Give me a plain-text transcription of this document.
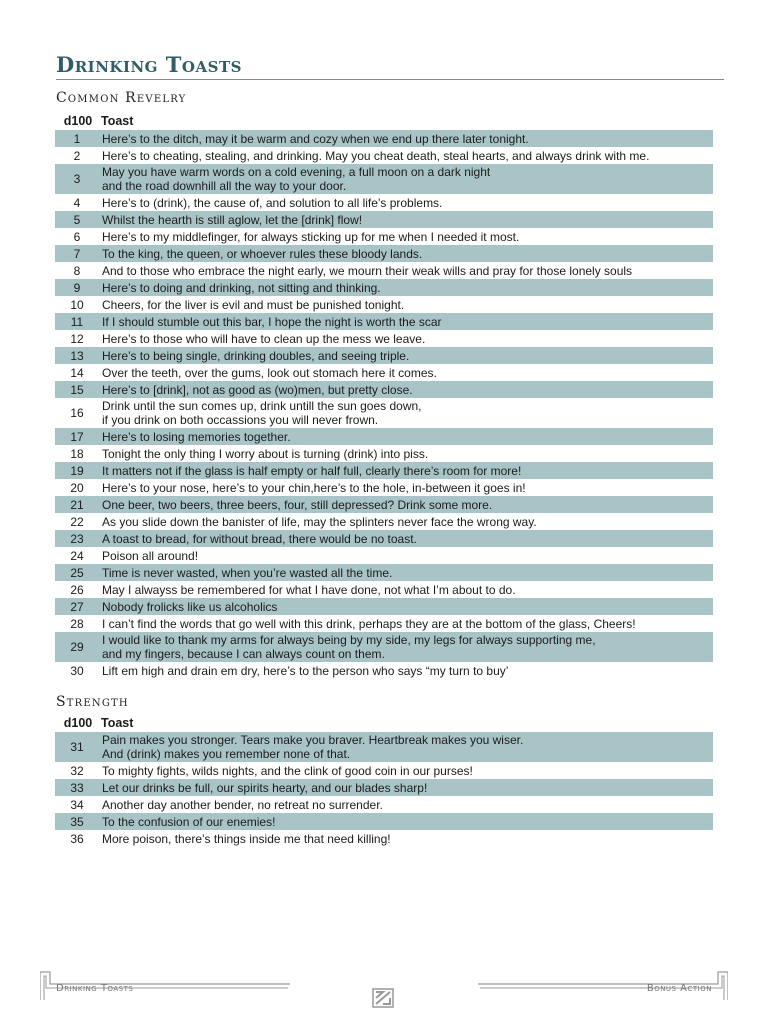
Drinking Toasts
Common Revelry
d100 Toast
1	Here’s to the ditch, may it be warm and cozy when we end up there later tonight.
2	Here’s to cheating, stealing, and drinking. May you cheat death, steal hearts, and always drink with me.
3	May you have warm words on a cold evening, a full moon on a dark night
and the road downhill all the way to your door.
4	Here’s to (drink), the cause of, and solution to all life’s problems.
5	Whilst the hearth is still aglow, let the [drink] flow!
6	Here’s to my middlefinger, for always sticking up for me when I needed it most.
7	To the king, the queen, or whoever rules these bloody lands.
8	And to those who embrace the night early, we mourn their weak wills and pray for those lonely souls
9	Here’s to doing and drinking, not sitting and thinking.
10	Cheers, for the liver is evil and must be punished tonight.
11	If I should stumble out this bar, I hope the night is worth the scar
12	Here’s to those who will have to clean up the mess we leave.
13	Here’s to being single, drinking doubles, and seeing triple.
14	Over the teeth, over the gums, look out stomach here it comes.
15	Here’s to [drink], not as good as (wo)men, but pretty close.
16	Drink until the sun comes up, drink untill the sun goes down,
if you drink on both occassions you will never frown.
17	Here’s to losing memories together.
18	Tonight the only thing I worry about is turning (drink) into piss.
19	It matters not if the glass is half empty or half full, clearly there’s room for more!
20	Here’s to your nose, here’s to your chin,here’s to the hole, in-between it goes in!
21	One beer, two beers, three beers, four, still depressed? Drink some more.
22	As you slide down the banister of life, may the splinters never face the wrong way.
23	A toast to bread, for without bread, there would be no toast.
24	Poison all around!
25	Time is never wasted, when you’re wasted all the time.
26	May I alwayss be remembered for what I have done, not what I’m about to do.
27	Nobody frolicks like us alcoholics
28	I can’t find the words that go well with this drink, perhaps they are at the bottom of the glass, Cheers!
29	I would like to thank my arms for always being by my side, my legs for always supporting me,
and my fingers, because I can always count on them.
30	Lift em high and drain em dry, here’s to the person who says “my turn to buy’
Strength
d100 Toast
31	Pain makes you stronger. Tears make you braver. Heartbreak makes you wiser.
And (drink) makes you remember none of that.
32	To mighty fights, wilds nights, and the clink of good coin in our purses!
33	Let our drinks be full, our spirits hearty, and our blades sharp!
34	Another day another bender, no retreat no surrender.
35	To the confusion of our enemies!
36	More poison, there’s things inside me that need killing!
Drinking Toasts	Bonus Action
